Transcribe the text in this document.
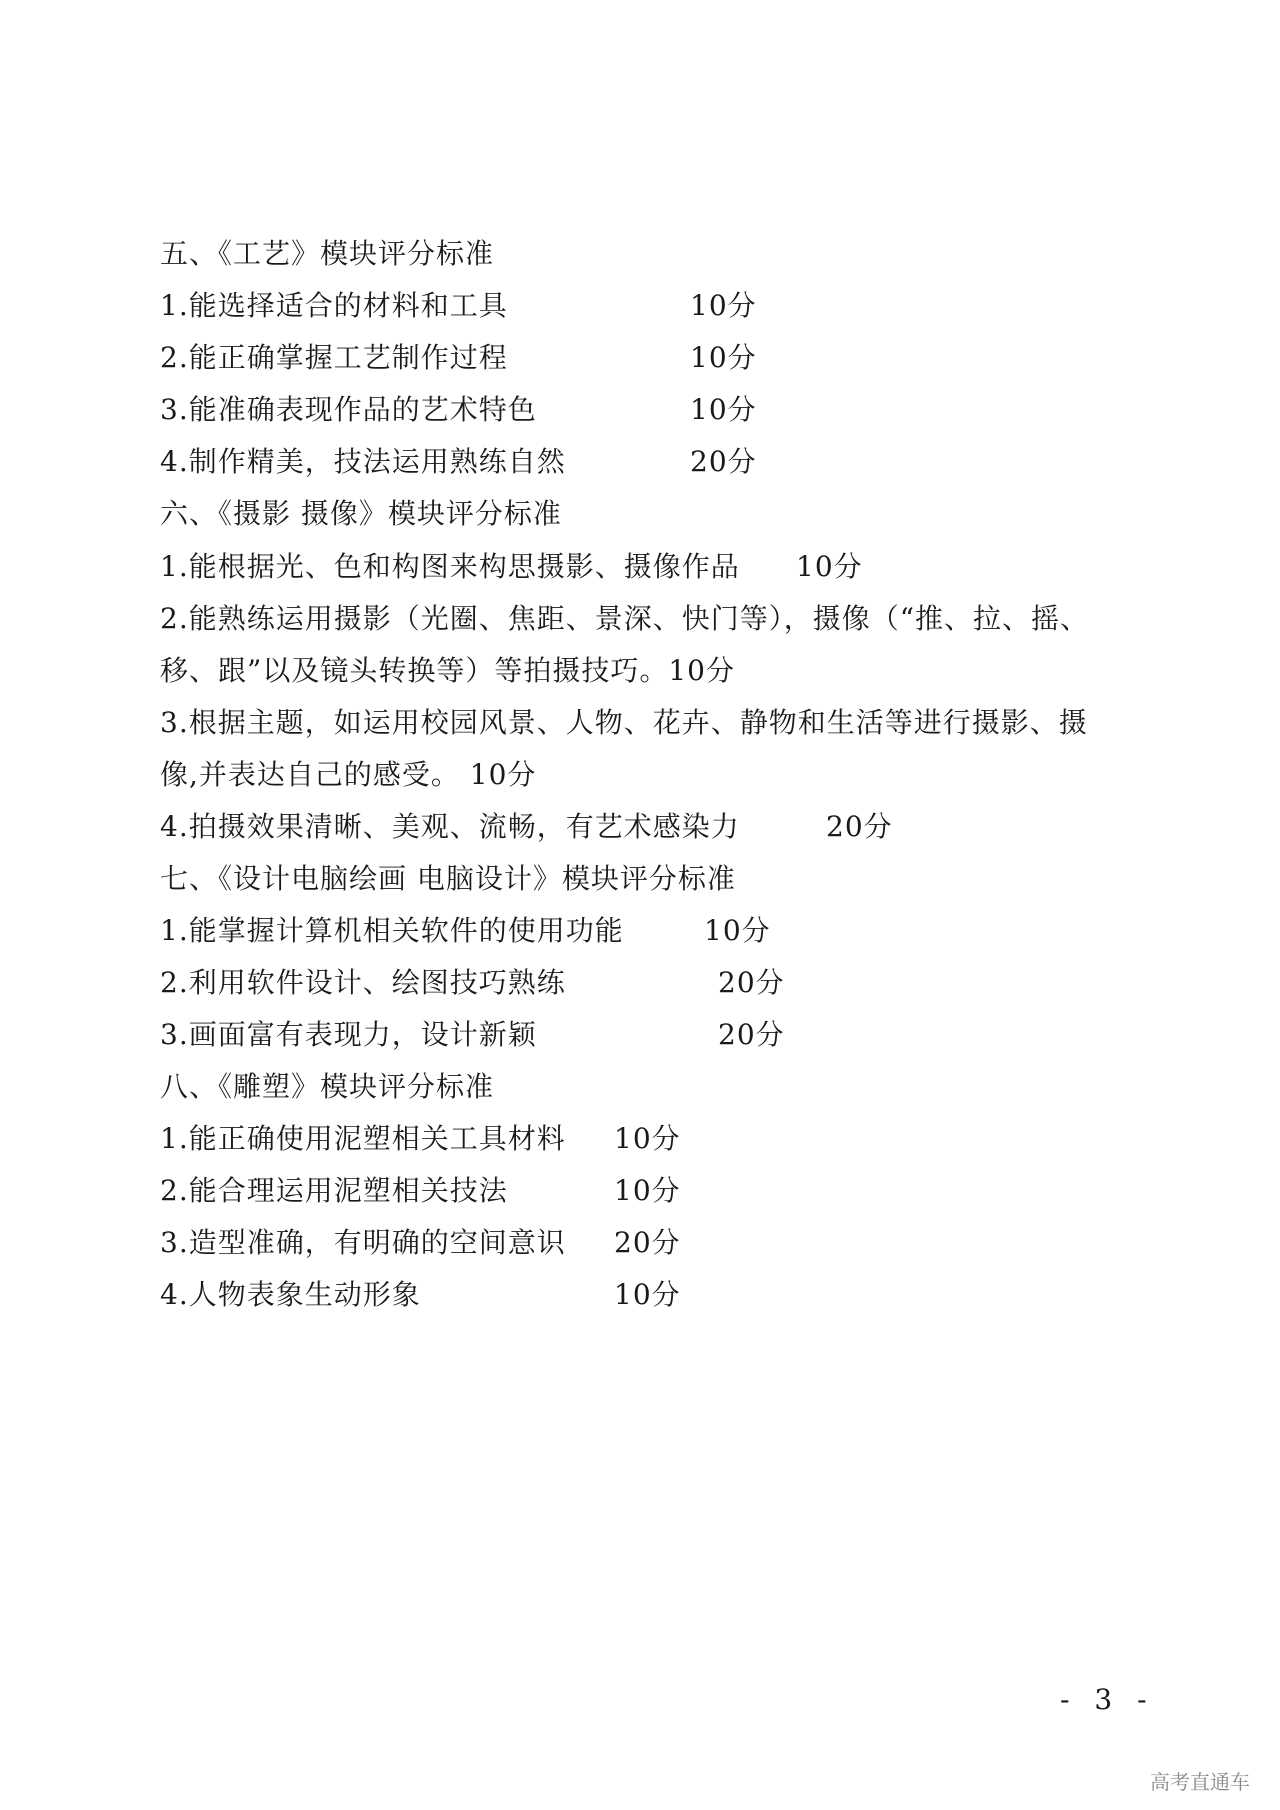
五、《工艺》模块评分标准
1.能选择适合的材料和工具	10分
2.能正确掌握工艺制作过程	10分
3.能准确表现作品的艺术特色	10分
4.制作精美，技法运用熟练自然	20分
六、《摄影 摄像》模块评分标准
1.能根据光、色和构图来构思摄影、摄像作品 10分
2.能熟练运用摄影（光圈、焦距、景深、快门等），摄像（“推、拉、摇、
移、跟”以及镜头转换等）等拍摄技巧。10分
3.根据主题，如运用校园风景、人物、花卉、静物和生活等进行摄影、摄
像,并表达自己的感受。 10分
4.拍摄效果清晰、美观、流畅，有艺术感染力	20分
七、《设计电脑绘画 电脑设计》模块评分标准
1.能掌握计算机相关软件的使用功能	10分
2.利用软件设计、绘图技巧熟练	20分
3.画面富有表现力，设计新颖	20分
八、《雕塑》模块评分标准
1.能正确使用泥塑相关工具材料 10分
2.能合理运用泥塑相关技法	10分
3.造型准确，有明确的空间意识 20分
4.人物表象生动形象	10分
- 3 -
高考直通车
